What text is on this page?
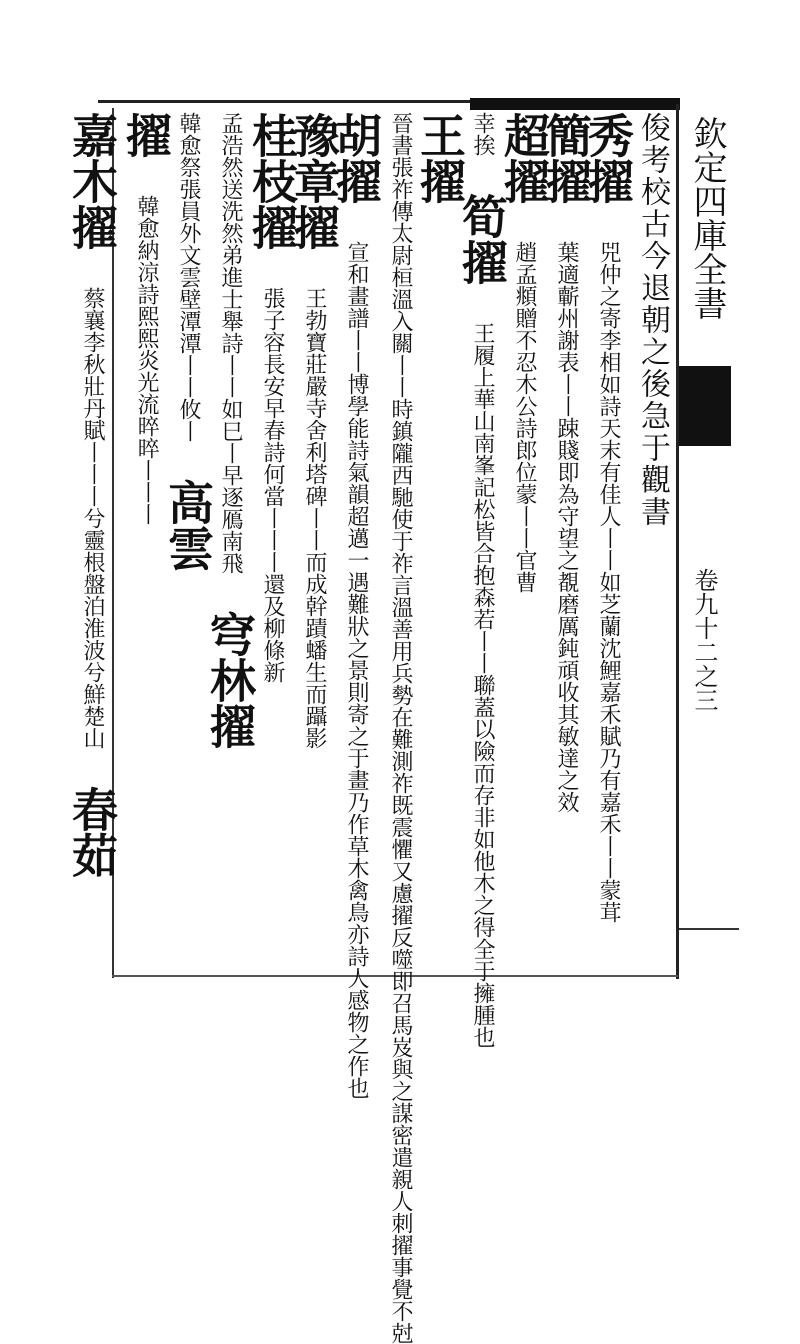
欽定四庫全書
卷九十二之三
俊考校古今退朝之後急于觀書
秀擢 兕仲之寄李相如詩天末有佳人丨丨如芝蘭沈鯉嘉禾賦乃有嘉禾丨丨蒙茸
簡擢 葉適蘄州謝表丨丨踈賤即為守望之覩磨厲鈍頑收其敏達之效
超擢 趙孟頫贈不忍木公詩郎位蒙丨丨官曹
幸挨 筍擢 王履上華山南峯記松皆合抱森若丨丨聯蓋以險而存非如他木之得全于擁腫也
王擢
晉書張祚傳太尉桓溫入關丨丨時鎮隴西馳使于祚言溫善用兵勢在難測祚既震懼又慮擢反噬即召馬岌與之謀密遣親人刺擢事覺不尅
胡擢 宣和畫譜丨丨博學能詩氣韻超邁一遇難狀之景則寄之于畫乃作草木禽鳥亦詩人感物之作也
豫章擢 王勃寶莊嚴寺舍利塔碑丨丨而成幹蹟蟠生而躡影
桂枝擢 張子容長安早春詩何當丨丨丨還及柳條新
孟浩然送洗然弟進士舉詩丨丨如巳丨早逐鴈南飛 穹林擢
韓愈祭張員外文雲壁潭潭丨丨攸丨 高雲
擢 韓愈納涼詩熙熙炎光流晬晬丨丨丨
嘉木擢 蔡襄李秋壯丹賦丨丨丨兮靈根盤泊淮波兮鮮楚山 春茹
